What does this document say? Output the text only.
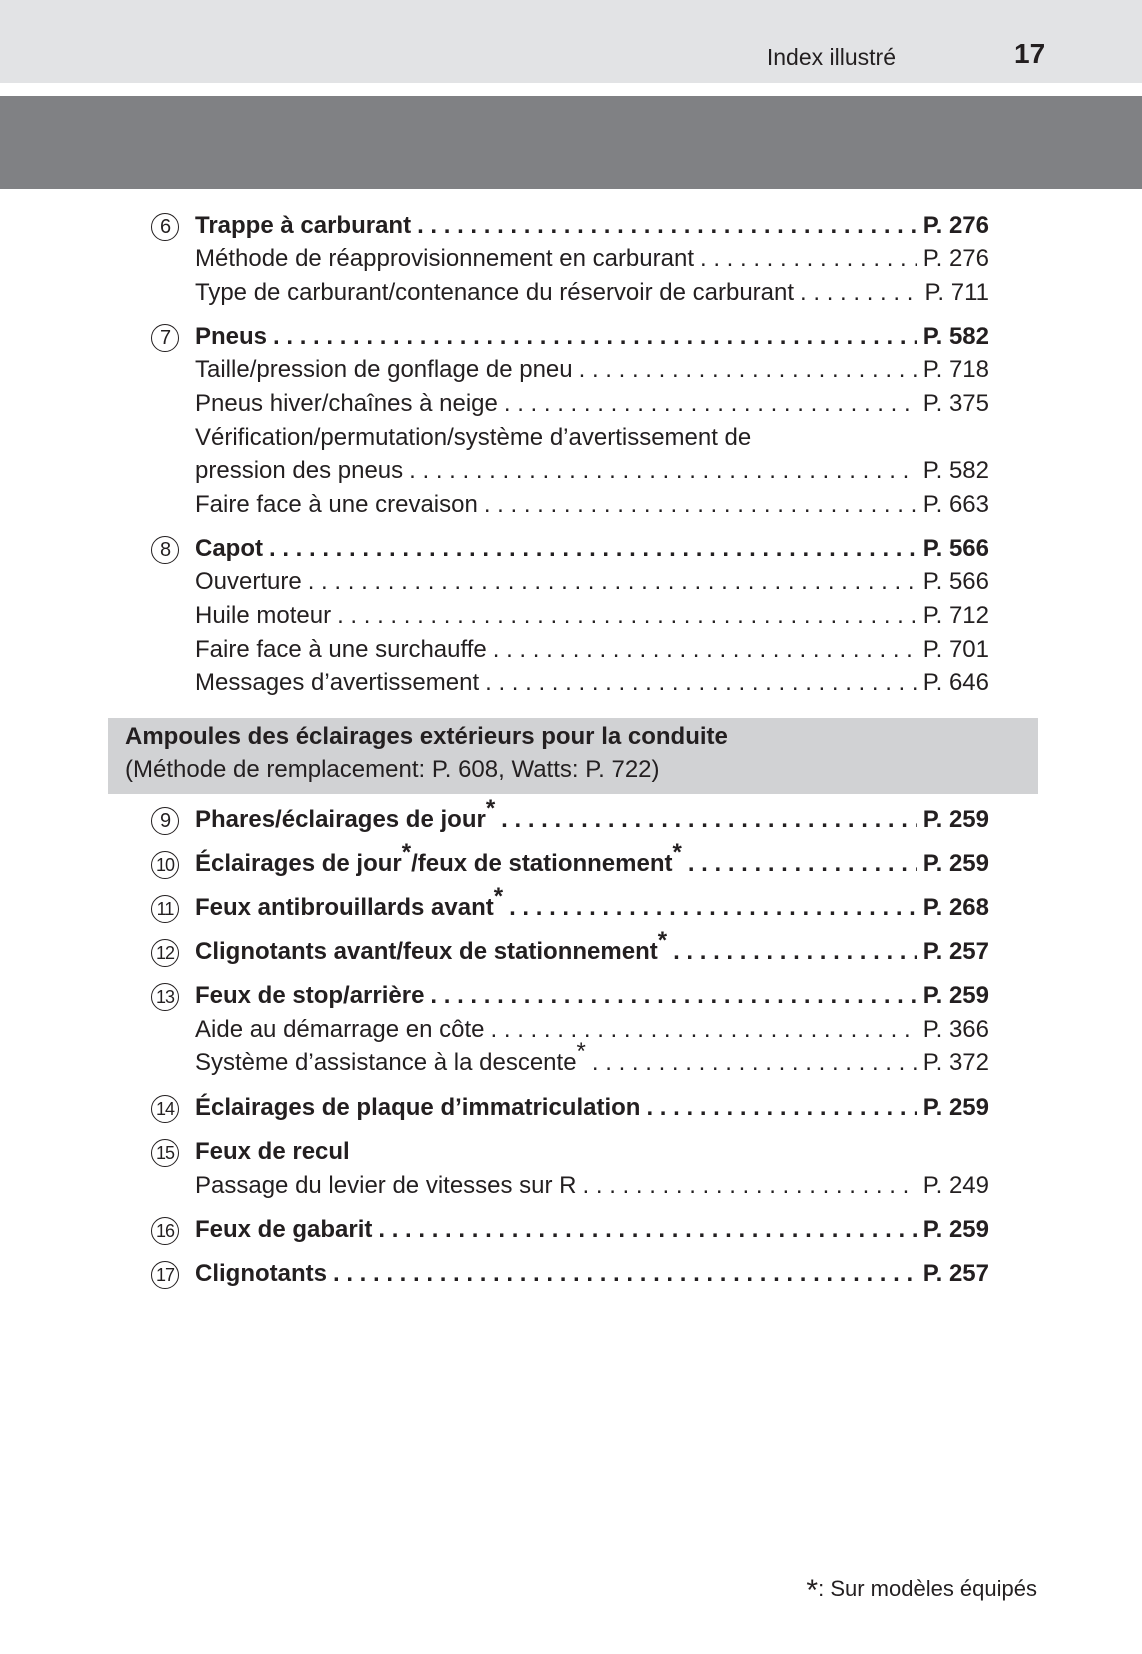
Index illustré	17
6	Trappe à carburant . . .	P. 276
Méthode de réapprovisionnement en carburant . . .	P. 276
Type de carburant/contenance du réservoir de carburant . . .	P. 711
7	Pneus . . .	P. 582
Taille/pression de gonflage de pneu . . .	P. 718
Pneus hiver/chaînes à neige . . .	P. 375
Vérification/permutation/système d’avertissement de
pression des pneus . . .	P. 582
Faire face à une crevaison . . .	P. 663
8	Capot . . .	P. 566
Ouverture . . .	P. 566
Huile moteur . . .	P. 712
Faire face à une surchauffe . . .	P. 701
Messages d’avertissement . . .	P. 646
Ampoules des éclairages extérieurs pour la conduite
(Méthode de remplacement: P. 608, Watts: P. 722)
9	Phares/éclairages de jour* . . .	P. 259
10 Éclairages de jour*/feux de stationnement* . . .	P. 259
11 Feux antibrouillards avant* . . .	P. 268
12 Clignotants avant/feux de stationnement* . . .	P. 257
13 Feux de stop/arrière . . .	P. 259
Aide au démarrage en côte . . .	P. 366
Système d’assistance à la descente* . . .	P. 372
14 Éclairages de plaque d’immatriculation . . .	P. 259
15 Feux de recul
Passage du levier de vitesses sur R . . .	P. 249
16 Feux de gabarit . . .	P. 259
17 Clignotants . . .	P. 257
*: Sur modèles équipés
